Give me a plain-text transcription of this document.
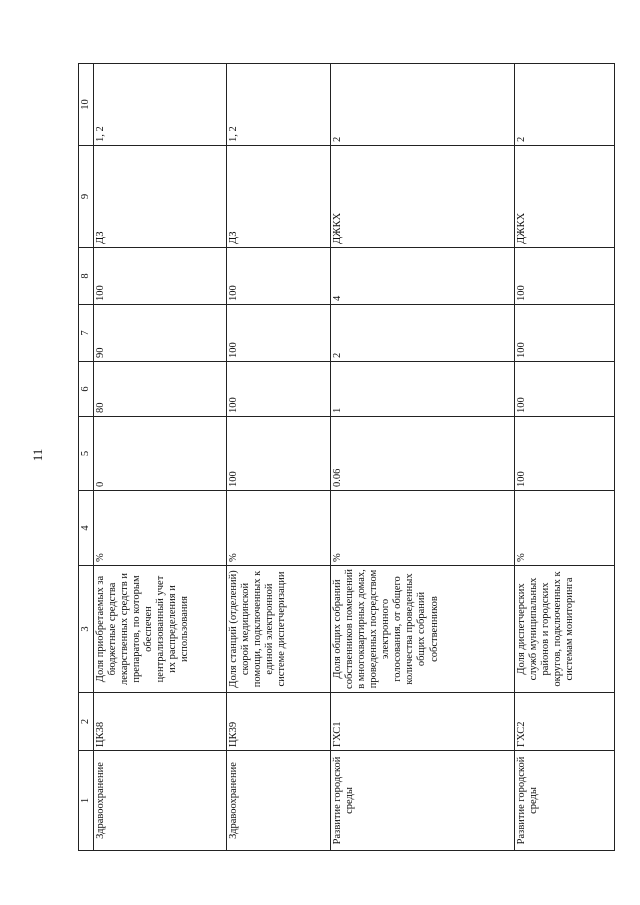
11
1	2	3	4	5	6	7	8	9	10
Здравоохранение	ЦК38	Доля приобретаемых за бюджетные средства лекарственных средств и препаратов, по которым обеспечен централизованный учет их распределения и использования	%	0	80	90	100	ДЗ	1, 2
Здравоохранение	ЦК39	Доля станций (отделений) скорой медицинской помощи, подключенных к единой электронной системе диспетчеризации	%	100	100	100	100	ДЗ	1, 2
Развитие городской среды	ГХС1	Доля общих собраний собственников помещений в многоквартирных домах, проведенных посредством электронного голосования, от общего количества проведенных общих собраний собственников	%	0.06	1	2	4	ДЖКХ	2
Развитие городской среды	ГХС2	Доля диспетчерских служб муниципальных районов и городских округов, подключенных к системам мониторинга	%	100	100	100	100	ДЖКХ	2
